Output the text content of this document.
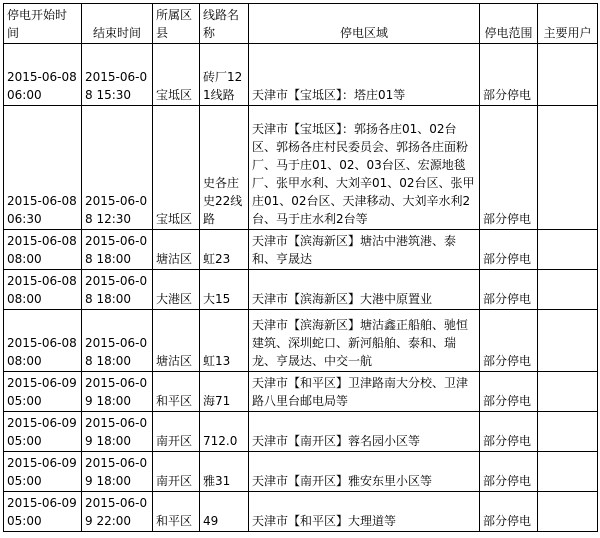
停电开始时间	结束时间	所属区县	线路名称	停电区域	停电范围	主要用户
2015-06-08 06:00	2015-06-08 15:30	宝坻区	砖厂121线路	天津市【宝坻区】：塔庄01等	部分停电	
2015-06-08 06:30	2015-06-08 12:30	宝坻区	史各庄史22线路	天津市【宝坻区】：郭扬各庄01、02台区、郭杨各庄村民委员会、郭扬各庄面粉厂、马于庄01、02、03台区、宏源地毯厂、张甲水利、大刘辛01、02台区、张甲庄01、02台区、天津移动、大刘辛水利2台、马于庄水利2台等	部分停电	
2015-06-08 08:00	2015-06-08 18:00	塘沽区	虹23	天津市【滨海新区】塘沽中港筑港、泰和、亨晟达	部分停电	
2015-06-08 08:00	2015-06-08 18:00	大港区	大15	天津市【滨海新区】大港中原置业	部分停电	
2015-06-08 08:00	2015-06-08 18:00	塘沽区	虹13	天津市【滨海新区】塘沽鑫正船舶、驰恒建筑、深圳蛇口、新河船舶、泰和、瑞龙、亨晟达、中交一航	部分停电	
2015-06-09 05:00	2015-06-09 18:00	和平区	海71	天津市【和平区】卫津路南大分校、卫津路八里台邮电局等	部分停电	
2015-06-09 05:00	2015-06-09 18:00	南开区	712.0	天津市【南开区】蓉名园小区等	部分停电	
2015-06-09 05:00	2015-06-09 18:00	南开区	雅31	天津市【南开区】雅安东里小区等	部分停电	
2015-06-09 05:00	2015-06-09 22:00	和平区	49	天津市【和平区】大理道等	部分停电	
